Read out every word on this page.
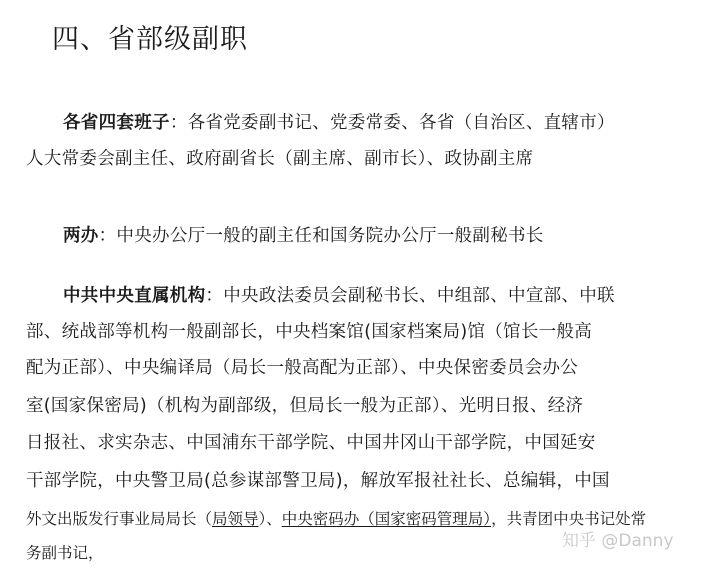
四、省部级副职
各省四套班子：各省党委副书记、党委常委、各省（自治区、直辖市）
人大常委会副主任、政府副省长（副主席、副市长）、政协副主席
两办：中央办公厅一般的副主任和国务院办公厅一般副秘书长
中共中央直属机构：中央政法委员会副秘书长、中组部、中宣部、中联
部、统战部等机构一般副部长，中央档案馆(国家档案局)馆（馆长一般高
配为正部）、中央编译局（局长一般高配为正部）、中央保密委员会办公
室(国家保密局)（机构为副部级，但局长一般为正部）、光明日报、经济
日报社、求实杂志、中国浦东干部学院、中国井冈山干部学院，中国延安
干部学院，中央警卫局(总参谋部警卫局)，解放军报社社长、总编辑，中国
外文出版发行事业局局长（局领导）、中央密码办（国家密码管理局），共青团中央书记处常
务副书记，
知乎 @Danny
